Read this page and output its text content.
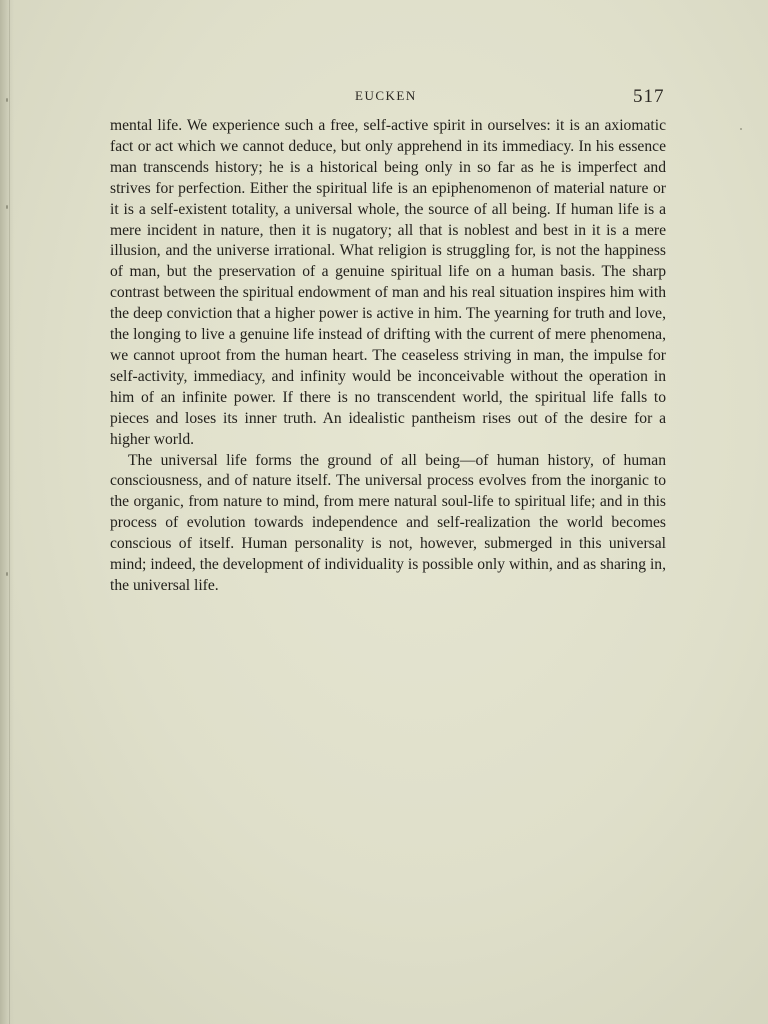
EUCKEN	517

mental life. We experience such a free, self-active spirit in ourselves: it is an axiomatic fact or act which we cannot deduce, but only apprehend in its immediacy. In his essence man transcends history; he is a historical being only in so far as he is imperfect and strives for perfection. Either the spiritual life is an epiphenomenon of material nature or it is a self-existent totality, a universal whole, the source of all being. If human life is a mere incident in nature, then it is nugatory; all that is noblest and best in it is a mere illusion, and the universe irrational. What religion is struggling for, is not the happiness of man, but the preservation of a genuine spiritual life on a human basis. The sharp contrast between the spiritual endowment of man and his real situation inspires him with the deep conviction that a higher power is active in him. The yearning for truth and love, the longing to live a genuine life instead of drifting with the current of mere phenomena, we cannot uproot from the human heart. The ceaseless striving in man, the impulse for self-activity, immediacy, and infinity would be inconceivable without the operation in him of an infinite power. If there is no transcendent world, the spiritual life falls to pieces and loses its inner truth. An idealistic pantheism rises out of the desire for a higher world.

The universal life forms the ground of all being—of human history, of human consciousness, and of nature itself. The universal process evolves from the inorganic to the organic, from nature to mind, from mere natural soul-life to spiritual life; and in this process of evolution towards independence and self-realization the world becomes conscious of itself. Human personality is not, however, submerged in this universal mind; indeed, the development of individuality is possible only within, and as sharing in, the universal life.
